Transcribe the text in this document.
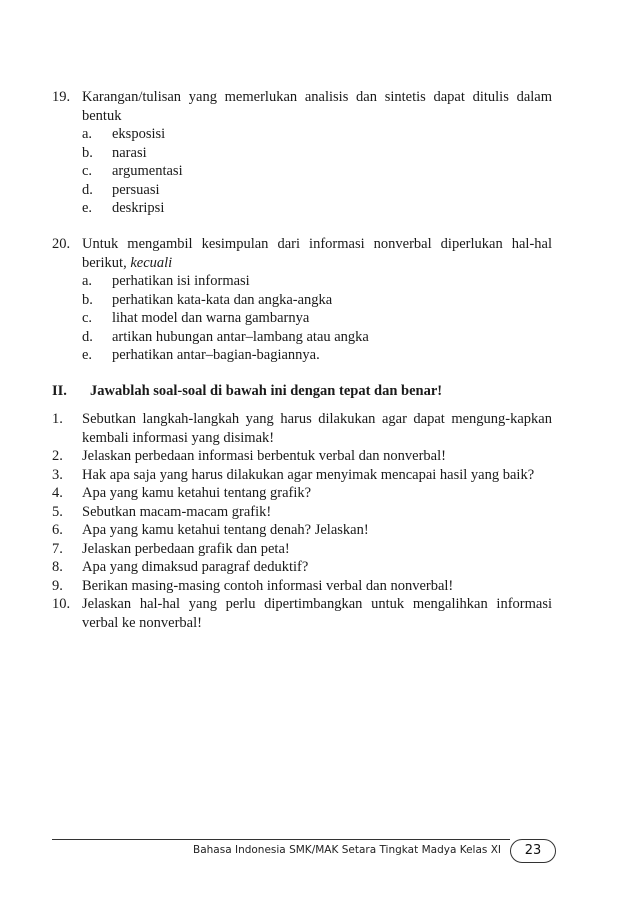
19. Karangan/tulisan yang memerlukan analisis dan sintetis dapat ditulis dalam bentuk
a. eksposisi
b. narasi
c. argumentasi
d. persuasi
e. deskripsi
20. Untuk mengambil kesimpulan dari informasi nonverbal diperlukan hal-hal berikut, kecuali
a. perhatikan isi informasi
b. perhatikan kata-kata dan angka-angka
c. lihat model dan warna gambarnya
d. artikan hubungan antar–lambang atau angka
e. perhatikan antar–bagian-bagiannya.
II. Jawablah soal-soal di bawah ini dengan tepat dan benar!
1. Sebutkan langkah-langkah yang harus dilakukan agar dapat mengung-kapkan kembali informasi yang disimak!
2. Jelaskan perbedaan informasi berbentuk verbal dan nonverbal!
3. Hak apa saja yang harus dilakukan agar menyimak mencapai hasil yang baik?
4. Apa yang kamu ketahui tentang grafik?
5. Sebutkan macam-macam grafik!
6. Apa yang kamu ketahui tentang denah? Jelaskan!
7. Jelaskan perbedaan grafik dan peta!
8. Apa yang dimaksud paragraf deduktif?
9. Berikan masing-masing contoh informasi verbal dan nonverbal!
10. Jelaskan hal-hal yang perlu dipertimbangkan untuk mengalihkan informasi verbal ke nonverbal!
Bahasa Indonesia SMK/MAK Setara Tingkat Madya Kelas XI	23
